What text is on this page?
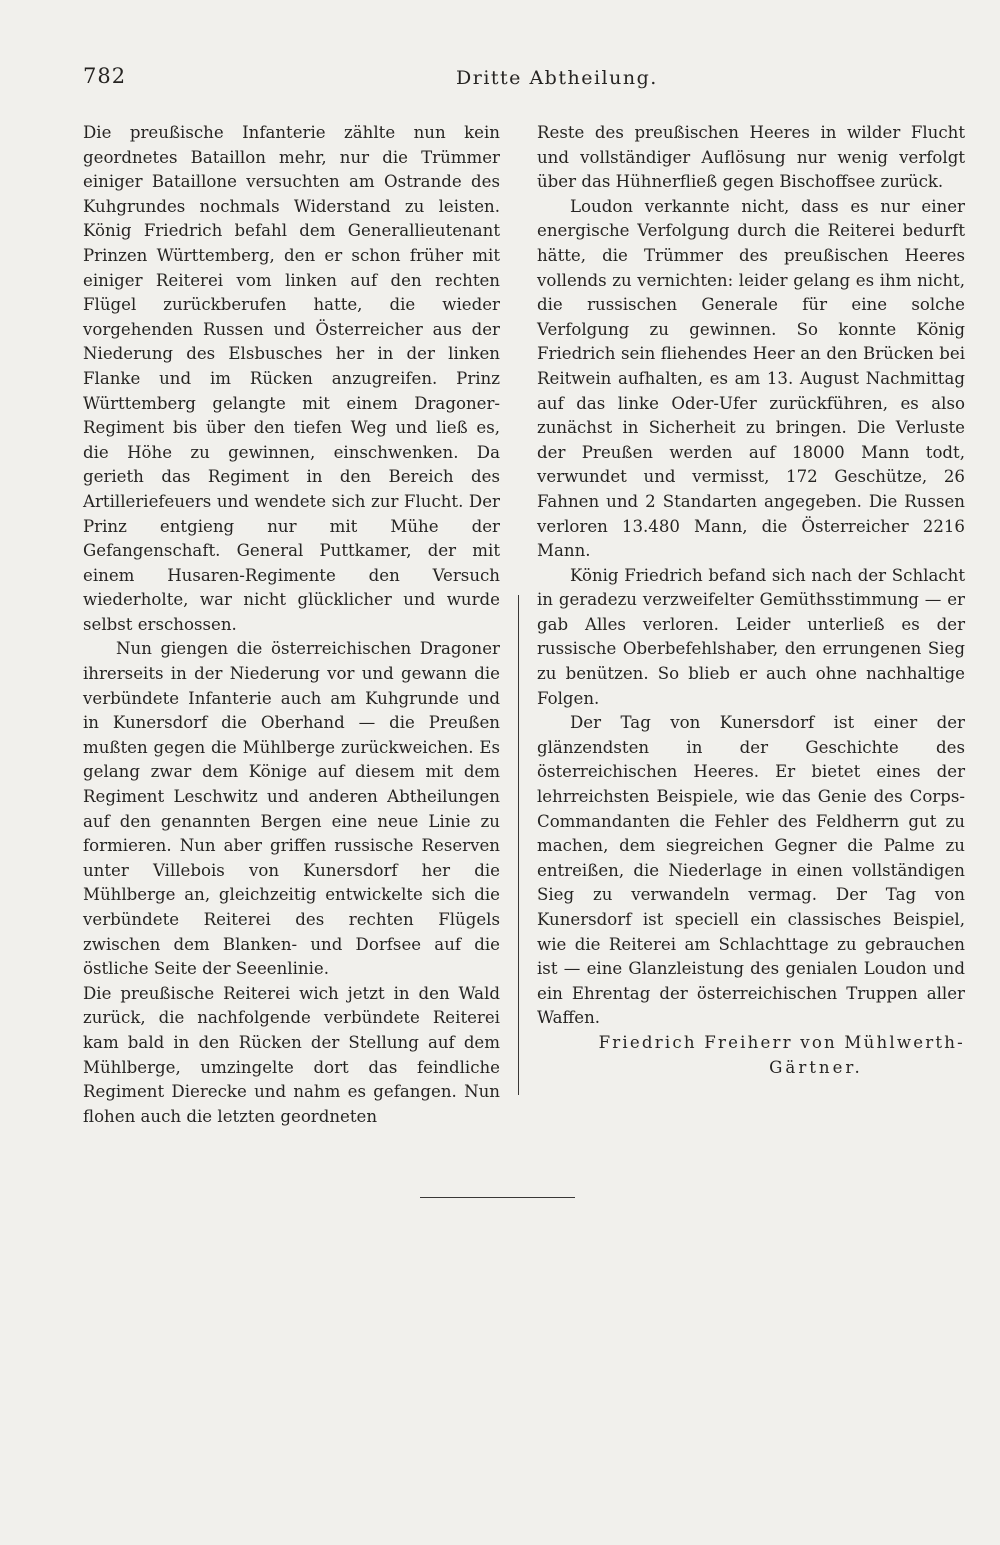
782	Dritte Abtheilung.

Die preußische Infanterie zählte nun kein geordnetes Bataillon mehr, nur die Trümmer einiger Bataillone versuchten am Ostrande des Kuhgrundes nochmals Widerstand zu leisten. König Friedrich befahl dem Generallieutenant Prinzen Württemberg, den er schon früher mit einiger Reiterei vom linken auf den rechten Flügel zurückberufen hatte, die wieder vorgehenden Russen und Österreicher aus der Niederung des Elsbusches her in der linken Flanke und im Rücken anzugreifen. Prinz Württemberg gelangte mit einem Dragoner-Regiment bis über den tiefen Weg und ließ es, die Höhe zu gewinnen, einschwenken. Da gerieth das Regiment in den Bereich des Artilleriefeuers und wendete sich zur Flucht. Der Prinz entgieng nur mit Mühe der Gefangenschaft. General Puttkamer, der mit einem Husaren-Regimente den Versuch wiederholte, war nicht glücklicher und wurde selbst erschossen.

Nun giengen die österreichischen Dragoner ihrerseits in der Niederung vor und gewann die verbündete Infanterie auch am Kuhgrunde und in Kunersdorf die Oberhand — die Preußen mußten gegen die Mühlberge zurückweichen. Es gelang zwar dem Könige auf diesem mit dem Regiment Leschwitz und anderen Abtheilungen auf den genannten Bergen eine neue Linie zu formieren. Nun aber griffen russische Reserven unter Villebois von Kunersdorf her die Mühlberge an, gleichzeitig entwickelte sich die verbündete Reiterei des rechten Flügels zwischen dem Blanken- und Dorfsee auf die östliche Seite der Seeenlinie.

Die preußische Reiterei wich jetzt in den Wald zurück, die nachfolgende verbündete Reiterei kam bald in den Rücken der Stellung auf dem Mühlberge, umzingelte dort das feindliche Regiment Dierecke und nahm es gefangen. Nun flohen auch die letzten geordneten

Reste des preußischen Heeres in wilder Flucht und vollständiger Auflösung nur wenig verfolgt über das Hühnerfließ gegen Bischoffsee zurück.

Loudon verkannte nicht, dass es nur einer energische Verfolgung durch die Reiterei bedurft hätte, die Trümmer des preußischen Heeres vollends zu vernichten: leider gelang es ihm nicht, die russischen Generale für eine solche Verfolgung zu gewinnen. So konnte König Friedrich sein fliehendes Heer an den Brücken bei Reitwein aufhalten, es am 13. August Nachmittag auf das linke Oder-Ufer zurückführen, es also zunächst in Sicherheit zu bringen. Die Verluste der Preußen werden auf 18000 Mann todt, verwundet und vermisst, 172 Geschütze, 26 Fahnen und 2 Standarten angegeben. Die Russen verloren 13.480 Mann, die Österreicher 2216 Mann.

König Friedrich befand sich nach der Schlacht in geradezu verzweifelter Gemüthsstimmung — er gab Alles verloren. Leider unterließ es der russische Oberbefehlshaber, den errungenen Sieg zu benützen. So blieb er auch ohne nachhaltige Folgen.

Der Tag von Kunersdorf ist einer der glänzendsten in der Geschichte des österreichischen Heeres. Er bietet eines der lehrreichsten Beispiele, wie das Genie des Corps-Commandanten die Fehler des Feldherrn gut zu machen, dem siegreichen Gegner die Palme zu entreißen, die Niederlage in einen vollständigen Sieg zu verwandeln vermag. Der Tag von Kunersdorf ist speciell ein classisches Beispiel, wie die Reiterei am Schlachttage zu gebrauchen ist — eine Glanzleistung des genialen Loudon und ein Ehrentag der österreichischen Truppen aller Waffen.

Friedrich Freiherr von Mühlwerth-
Gärtner.
